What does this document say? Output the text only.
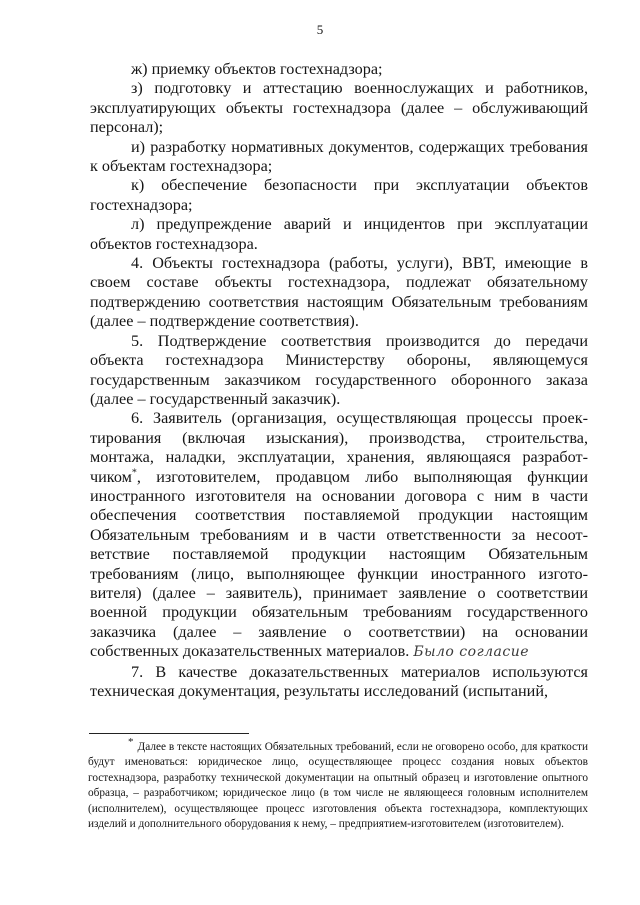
5

ж) приемку объектов гостехнадзора;

з) подготовку и аттестацию военнослужащих и работников, эксплуатирующих объекты гостехнадзора (далее – обслуживающий персонал);

и) разработку нормативных документов, содержащих требования к объектам гостехнадзора;

к) обеспечение безопасности при эксплуатации объектов гостехнадзора;

л) предупреждение аварий и инцидентов при эксплуатации объектов гостехнадзора.

4. Объекты гостехнадзора (работы, услуги), ВВТ, имеющие в своем составе объекты гостехнадзора, подлежат обязательному подтверждению соответствия настоящим Обязательным требованиям (далее – подтверждение соответствия).

5. Подтверждение соответствия производится до передачи объекта гостехнадзора Министерству обороны, являющемуся государственным заказчиком государственного оборонного заказа (далее – государственный заказчик).

6. Заявитель (организация, осуществляющая процессы проектирования (включая изыскания), производства, строительства, монтажа, наладки, эксплуатации, хранения, являющаяся разработчиком*, изготовителем, продавцом либо выполняющая функции иностранного изготовителя на основании договора с ним в части обеспечения соответствия поставляемой продукции настоящим Обязательным требованиям и в части ответственности за несоответствие поставляемой продукции настоящим Обязательным требованиям (лицо, выполняющее функции иностранного изготовителя) (далее – заявитель), принимает заявление о соответствии военной продукции обязательным требованиям государственного заказчика (далее – заявление о соответствии) на основании собственных доказательственных материалов. Было согласие

7. В качестве доказательственных материалов используются техническая документация, результаты исследований (испытаний,

* Далее в тексте настоящих Обязательных требований, если не оговорено особо, для краткости будут именоваться: юридическое лицо, осуществляющее процесс создания новых объектов гостехнадзора, разработку технической документации на опытный образец и изготовление опытного образца, – разработчиком; юридическое лицо (в том числе не являющееся головным исполнителем (исполнителем), осуществляющее процесс изготовления объекта гостехнадзора, комплектующих изделий и дополнительного оборудования к нему, – предприятием-изготовителем (изготовителем).
